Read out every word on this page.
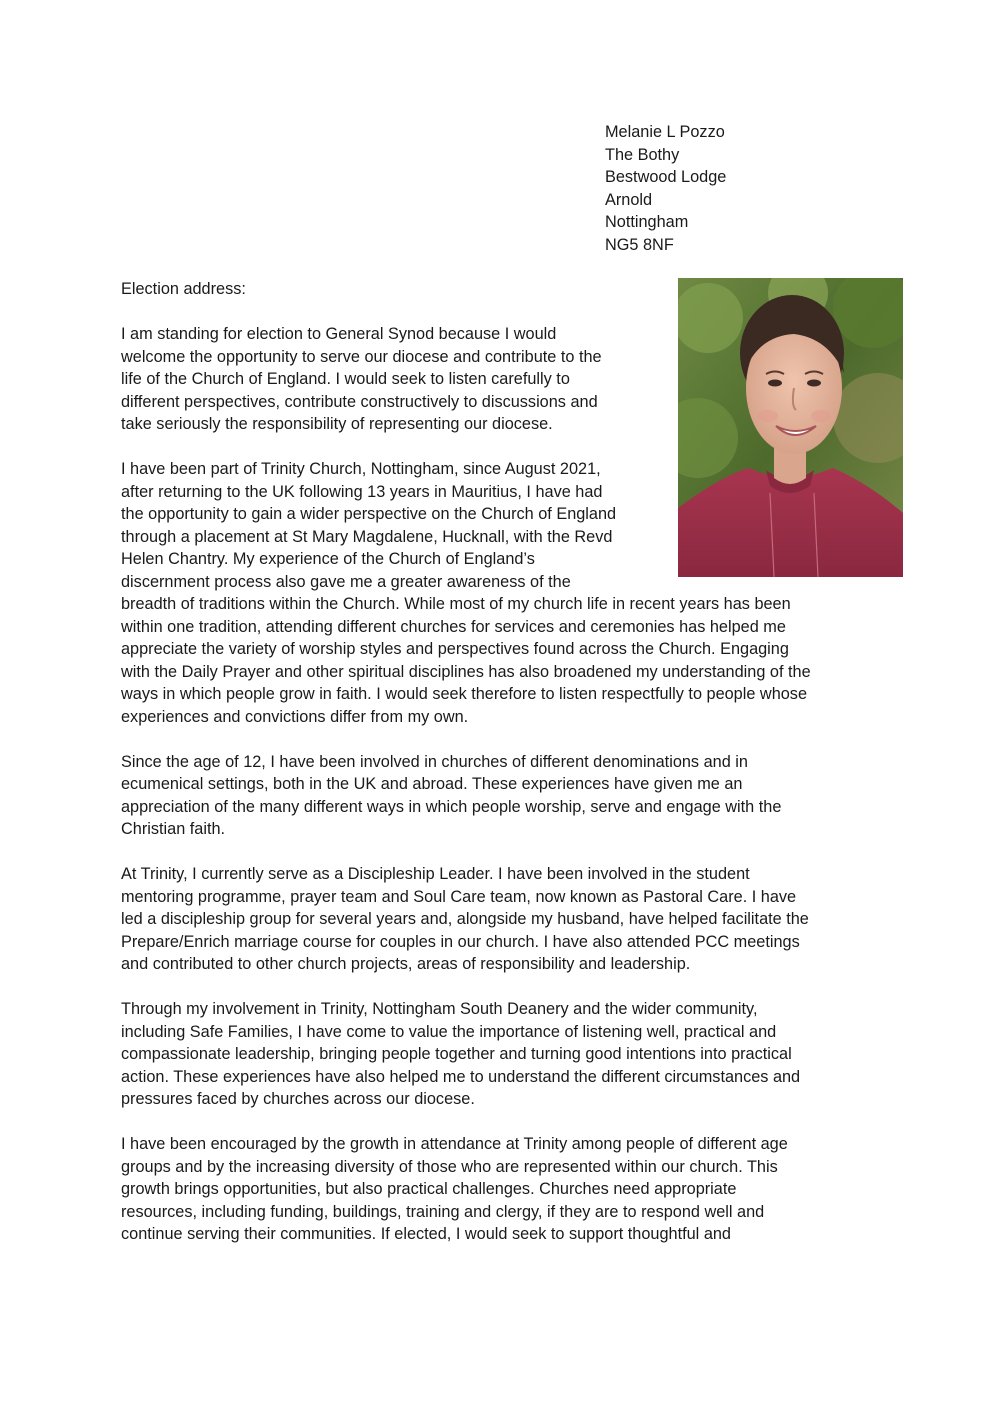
Melanie L Pozzo
The Bothy
Bestwood Lodge
Arnold
Nottingham
NG5 8NF
Election address:
I am standing for election to General Synod because I would
welcome the opportunity to serve our diocese and contribute to the
life of the Church of England. I would seek to listen carefully to
different perspectives, contribute constructively to discussions and
take seriously the responsibility of representing our diocese.
I have been part of Trinity Church, Nottingham, since August 2021,
after returning to the UK following 13 years in Mauritius, I have had
the opportunity to gain a wider perspective on the Church of England
through a placement at St Mary Magdalene, Hucknall, with the Revd
Helen Chantry. My experience of the Church of England’s
discernment process also gave me a greater awareness of the
breadth of traditions within the Church. While most of my church life in recent years has been
within one tradition, attending different churches for services and ceremonies has helped me
appreciate the variety of worship styles and perspectives found across the Church. Engaging
with the Daily Prayer and other spiritual disciplines has also broadened my understanding of the
ways in which people grow in faith. I would seek therefore to listen respectfully to people whose
experiences and convictions differ from my own.
Since the age of 12, I have been involved in churches of different denominations and in
ecumenical settings, both in the UK and abroad. These experiences have given me an
appreciation of the many different ways in which people worship, serve and engage with the
Christian faith.
At Trinity, I currently serve as a Discipleship Leader. I have been involved in the student
mentoring programme, prayer team and Soul Care team, now known as Pastoral Care. I have
led a discipleship group for several years and, alongside my husband, have helped facilitate the
Prepare/Enrich marriage course for couples in our church. I have also attended PCC meetings
and contributed to other church projects, areas of responsibility and leadership.
Through my involvement in Trinity, Nottingham South Deanery and the wider community,
including Safe Families, I have come to value the importance of listening well, practical and
compassionate leadership, bringing people together and turning good intentions into practical
action. These experiences have also helped me to understand the different circumstances and
pressures faced by churches across our diocese.
I have been encouraged by the growth in attendance at Trinity among people of different age
groups and by the increasing diversity of those who are represented within our church. This
growth brings opportunities, but also practical challenges. Churches need appropriate
resources, including funding, buildings, training and clergy, if they are to respond well and
continue serving their communities. If elected, I would seek to support thoughtful and
